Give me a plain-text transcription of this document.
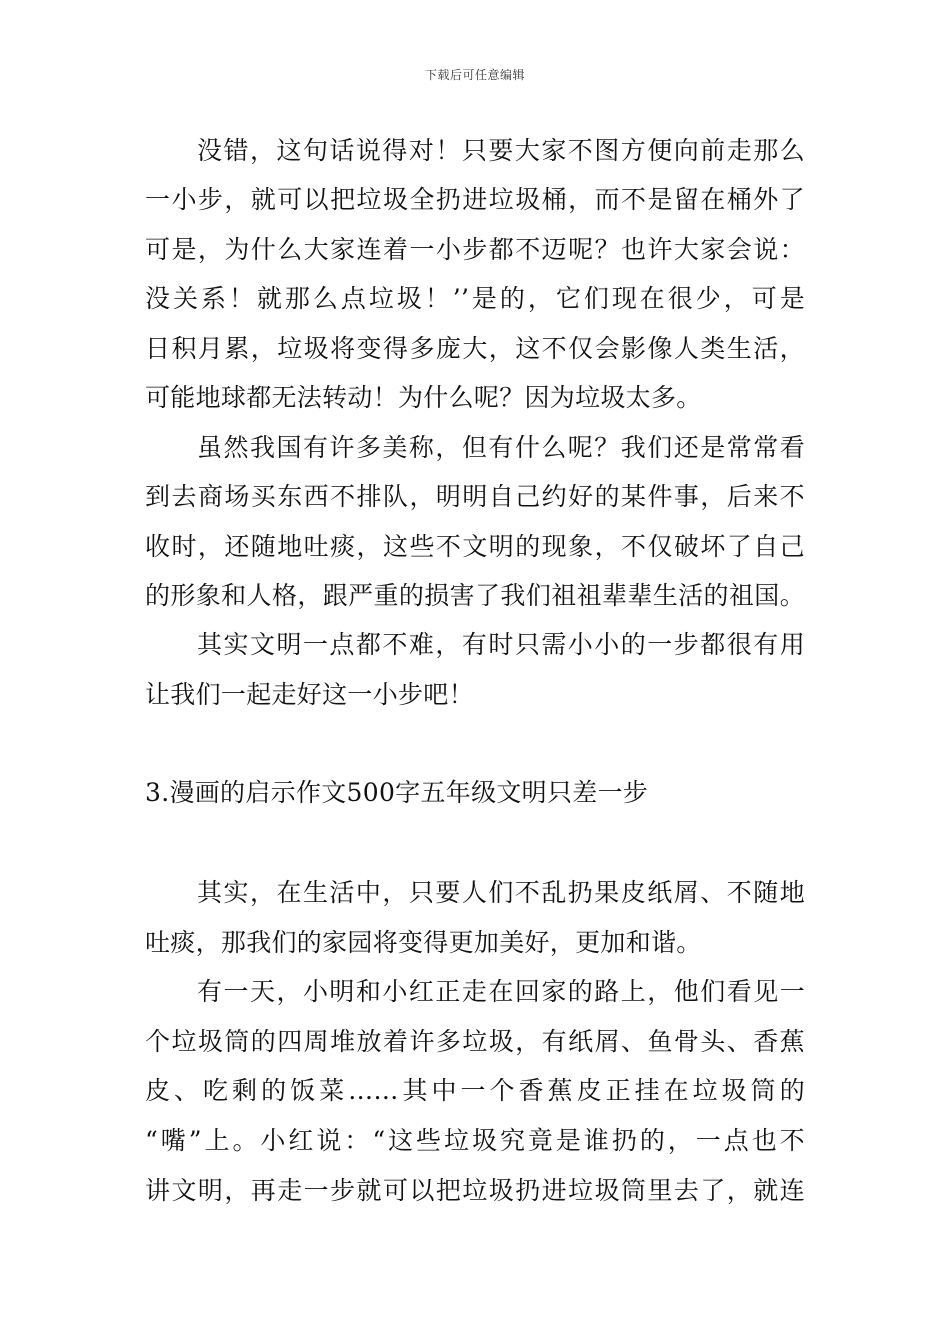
下载后可任意编辑
没错，这句话说得对！只要大家不图方便向前走那么
一小步，就可以把垃圾全扔进垃圾桶，而不是留在桶外了
可是，为什么大家连着一小步都不迈呢？也许大家会说：
没关系！就那么点垃圾！’’是的，它们现在很少，可是
日积月累，垃圾将变得多庞大，这不仅会影像人类生活，
可能地球都无法转动！为什么呢？因为垃圾太多。
虽然我国有许多美称，但有什么呢？我们还是常常看
到去商场买东西不排队，明明自己约好的某件事，后来不
收时，还随地吐痰，这些不文明的现象，不仅破坏了自己
的形象和人格，跟严重的损害了我们祖祖辈辈生活的祖国。
其实文明一点都不难，有时只需小小的一步都很有用
让我们一起走好这一小步吧！
3.漫画的启示作文500字五年级文明只差一步
其实，在生活中，只要人们不乱扔果皮纸屑、不随地
吐痰，那我们的家园将变得更加美好，更加和谐。
有一天，小明和小红正走在回家的路上，他们看见一
个垃圾筒的四周堆放着许多垃圾，有纸屑、鱼骨头、香蕉
皮、吃剩的饭菜……其中一个香蕉皮正挂在垃圾筒的
“嘴”上。小红说：“这些垃圾究竟是谁扔的，一点也不
讲文明，再走一步就可以把垃圾扔进垃圾筒里去了，就连
